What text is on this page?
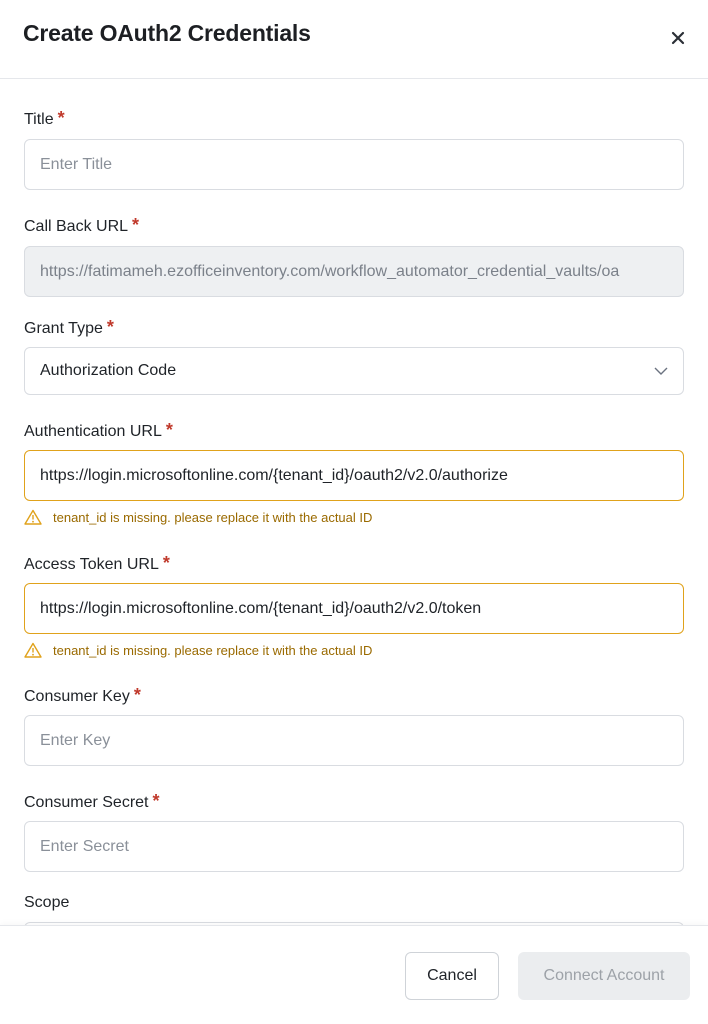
Create OAuth2 Credentials
Title *
Enter Title
Call Back URL *
https://fatimameh.ezofficeinventory.com/workflow_automator_credential_vaults/oa
Grant Type *
Authorization Code
Authentication URL *
https://login.microsoftonline.com/{tenant_id}/oauth2/v2.0/authorize
tenant_id is missing. please replace it with the actual ID
Access Token URL *
https://login.microsoftonline.com/{tenant_id}/oauth2/v2.0/token
tenant_id is missing. please replace it with the actual ID
Consumer Key *
Enter Key
Consumer Secret *
Enter Secret
Scope
Cancel	Connect Account
